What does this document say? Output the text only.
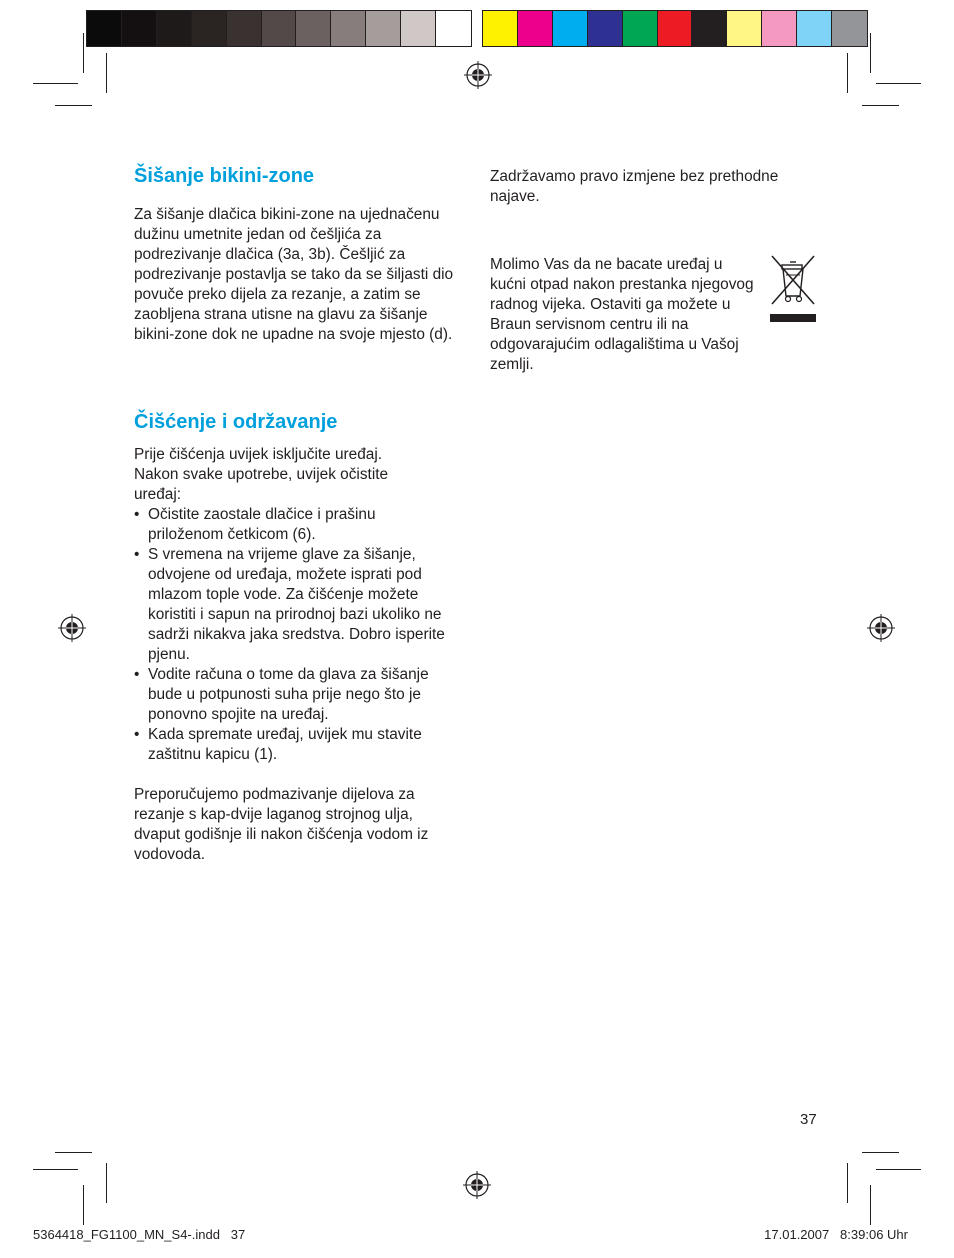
Šišanje bikini-zone

Za šišanje dlačica bikini-zone na ujednačenu dužinu umetnite jedan od češljića za podrezivanje dlačica (3a, 3b). Češljić za podrezivanje postavlja se tako da se šiljasti dio povuče preko dijela za rezanje, a zatim se zaobljena strana utisne na glavu za šišanje bikini-zone dok ne upadne na svoje mjesto (d).

Čišćenje i održavanje

Prije čišćenja uvijek isključite uređaj. Nakon svake upotrebe, uvijek očistite uređaj:

• Očistite zaostale dlačice i prašinu priloženom četkicom (6).
• S vremena na vrijeme glave za šišanje, odvojene od uređaja, možete isprati pod mlazom tople vode. Za čišćenje možete koristiti i sapun na prirodnoj bazi ukoliko ne sadrži nikakva jaka sredstva. Dobro isperite pjenu.
• Vodite računa o tome da glava za šišanje bude u potpunosti suha prije nego što je ponovno spojite na uređaj.
• Kada spremate uređaj, uvijek mu stavite zaštitnu kapicu (1).

Preporučujemo podmazivanje dijelova za rezanje s kap-dvije laganog strojnog ulja, dvaput godišnje ili nakon čišćenja vodom iz vodovoda.

Zadržavamo pravo izmjene bez prethodne najave.

Molimo Vas da ne bacate uređaj u kućni otpad nakon prestanka njegovog radnog vijeka. Ostaviti ga možete u Braun servisnom centru ili na odgovarajućim odlagalištima u Vašoj zemlji.

37
5364418_FG1100_MN_S4-.indd   37	17.01.2007   8:39:06 Uhr
